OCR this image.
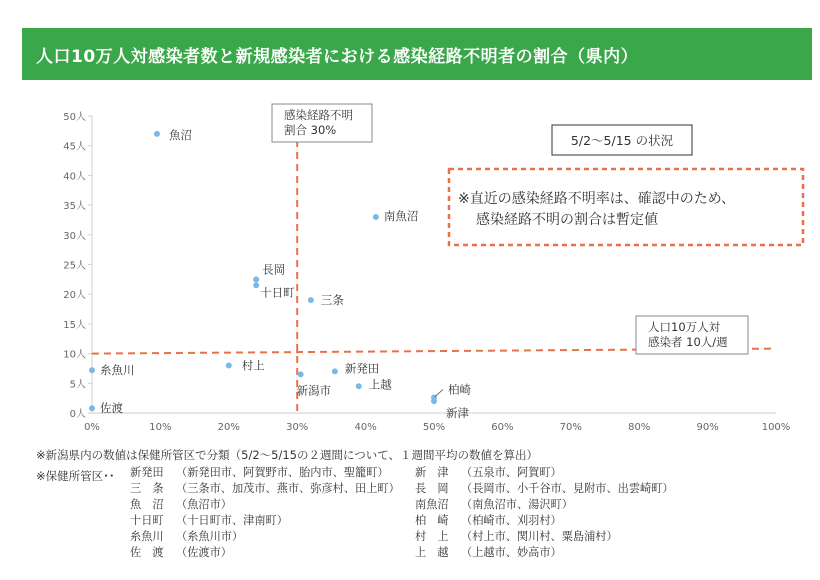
人口10万人対感染者数と新規感染者における感染経路不明者の割合（県内）
0%	10%	20%	30%	40%	50%	60%	70%	80%	90%	100%
0人
5人
10人
15人
20人
25人
30人
35人
40人
45人
50人
魚沼
南魚沼
長岡
十日町
三条
糸魚川	村上	新発田
新潟市	上越	柏崎
新津
佐渡
感染経路不明
割合 30%
人口10万人対
感染者 10人/週
5/2～5/15 の状況
※直近の感染経路不明率は、確認中のため、
感染経路不明の割合は暫定値
※新潟県内の数値は保健所管区で分類（5/2～5/15の２週間について、１週間平均の数値を算出）
※保健所管区･･ 新発田 （新発田市、阿賀野市、胎内市、聖籠町）
三　条 （三条市、加茂市、燕市、弥彦村、田上町）
魚　沼 （魚沼市）
十日町 （十日町市、津南町）
糸魚川 （糸魚川市）
佐　渡 （佐渡市）
新　津 （五泉市、阿賀町）
長　岡 （長岡市、小千谷市、見附市、出雲崎町）
南魚沼 （南魚沼市、湯沢町）
柏　崎 （柏崎市、刈羽村）
村　上 （村上市、関川村、粟島浦村）
上　越 （上越市、妙高市）
